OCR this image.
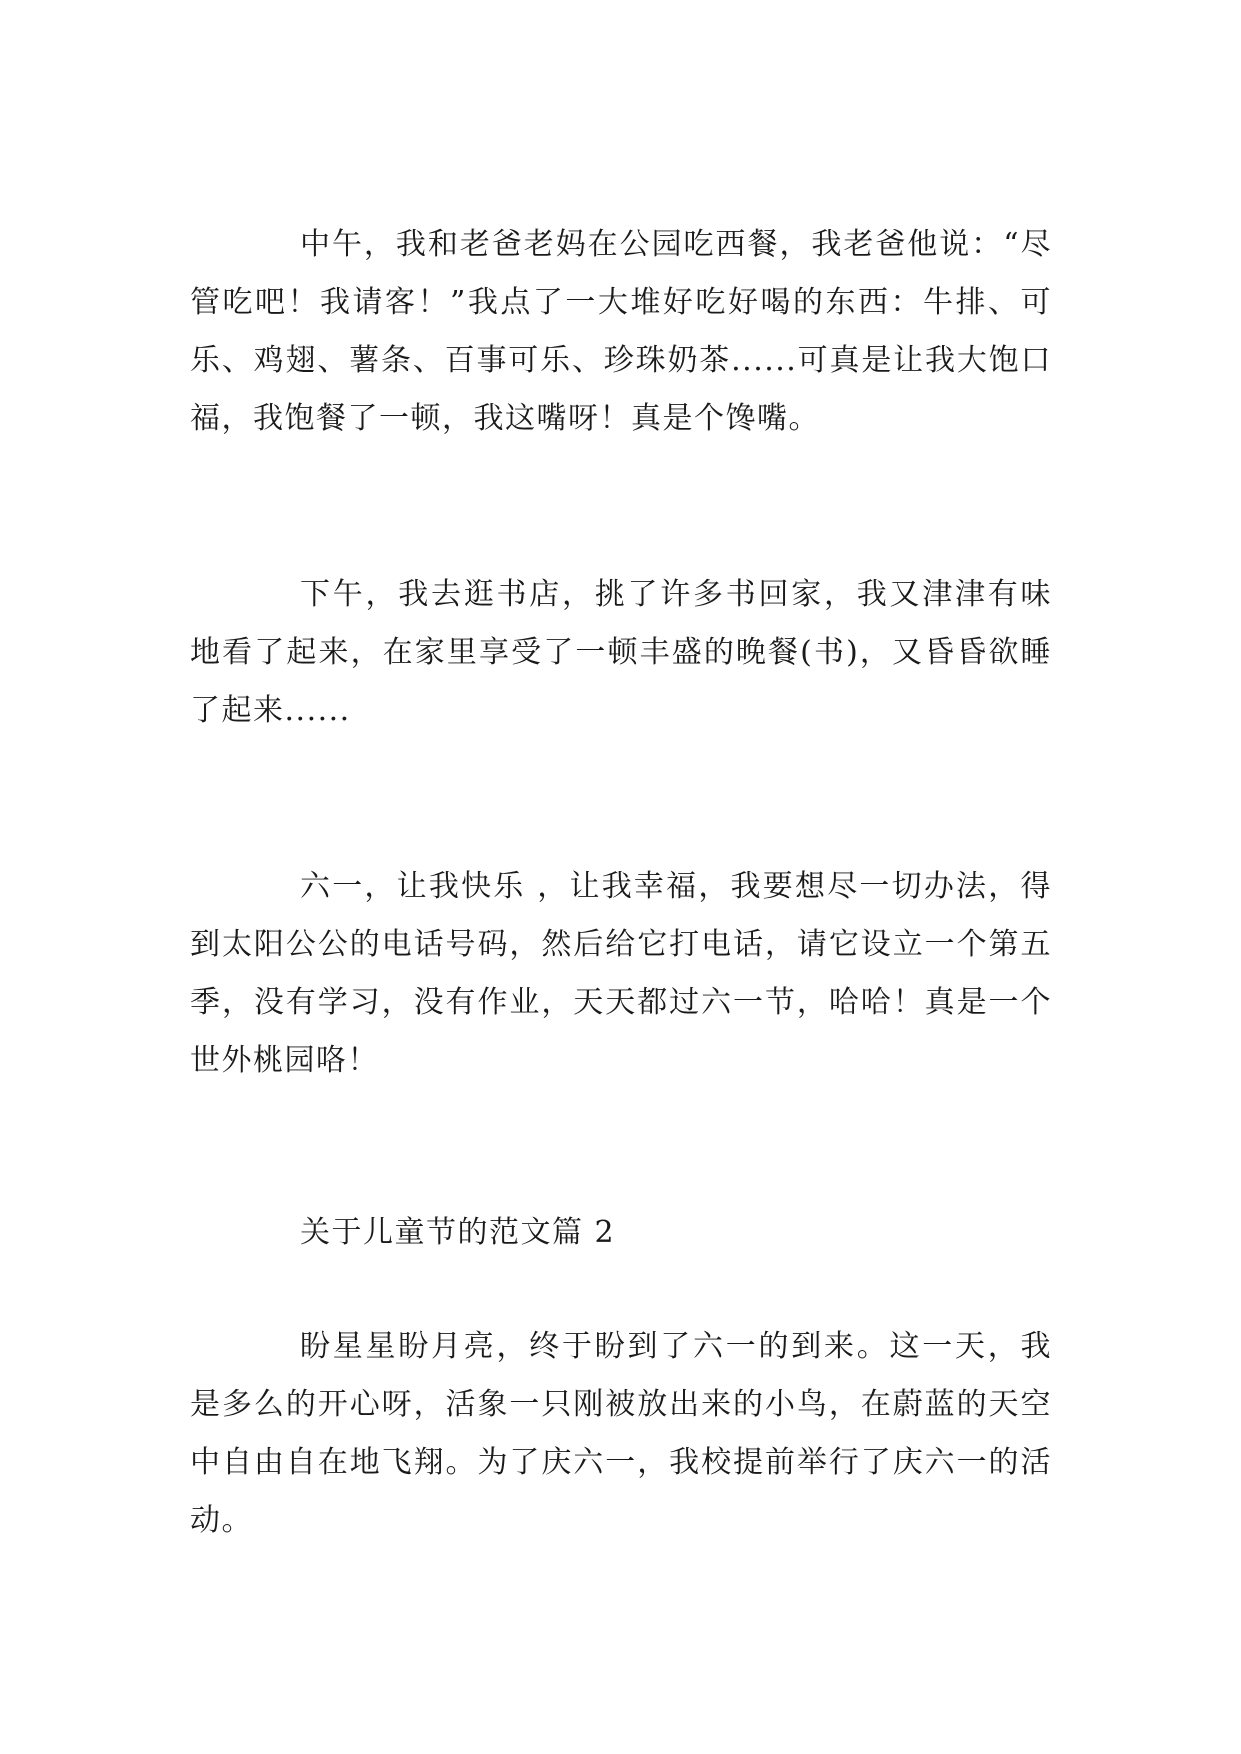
中午，我和老爸老妈在公园吃西餐，我老爸他说：“尽管吃吧！我请客！”我点了一大堆好吃好喝的东西：牛排、可乐、鸡翅、薯条、百事可乐、珍珠奶茶......可真是让我大饱口福，我饱餐了一顿，我这嘴呀！真是个馋嘴。

下午，我去逛书店，挑了许多书回家，我又津津有味地看了起来，在家里享受了一顿丰盛的晚餐(书)，又昏昏欲睡了起来......

六一，让我快乐 ，让我幸福，我要想尽一切办法，得到太阳公公的电话号码，然后给它打电话，请它设立一个第五季，没有学习，没有作业，天天都过六一节，哈哈！真是一个世外桃园咯！

关于儿童节的范文篇 2

盼星星盼月亮，终于盼到了六一的到来。这一天，我是多么的开心呀，活象一只刚被放出来的小鸟，在蔚蓝的天空中自由自在地飞翔。为了庆六一，我校提前举行了庆六一的活动。
